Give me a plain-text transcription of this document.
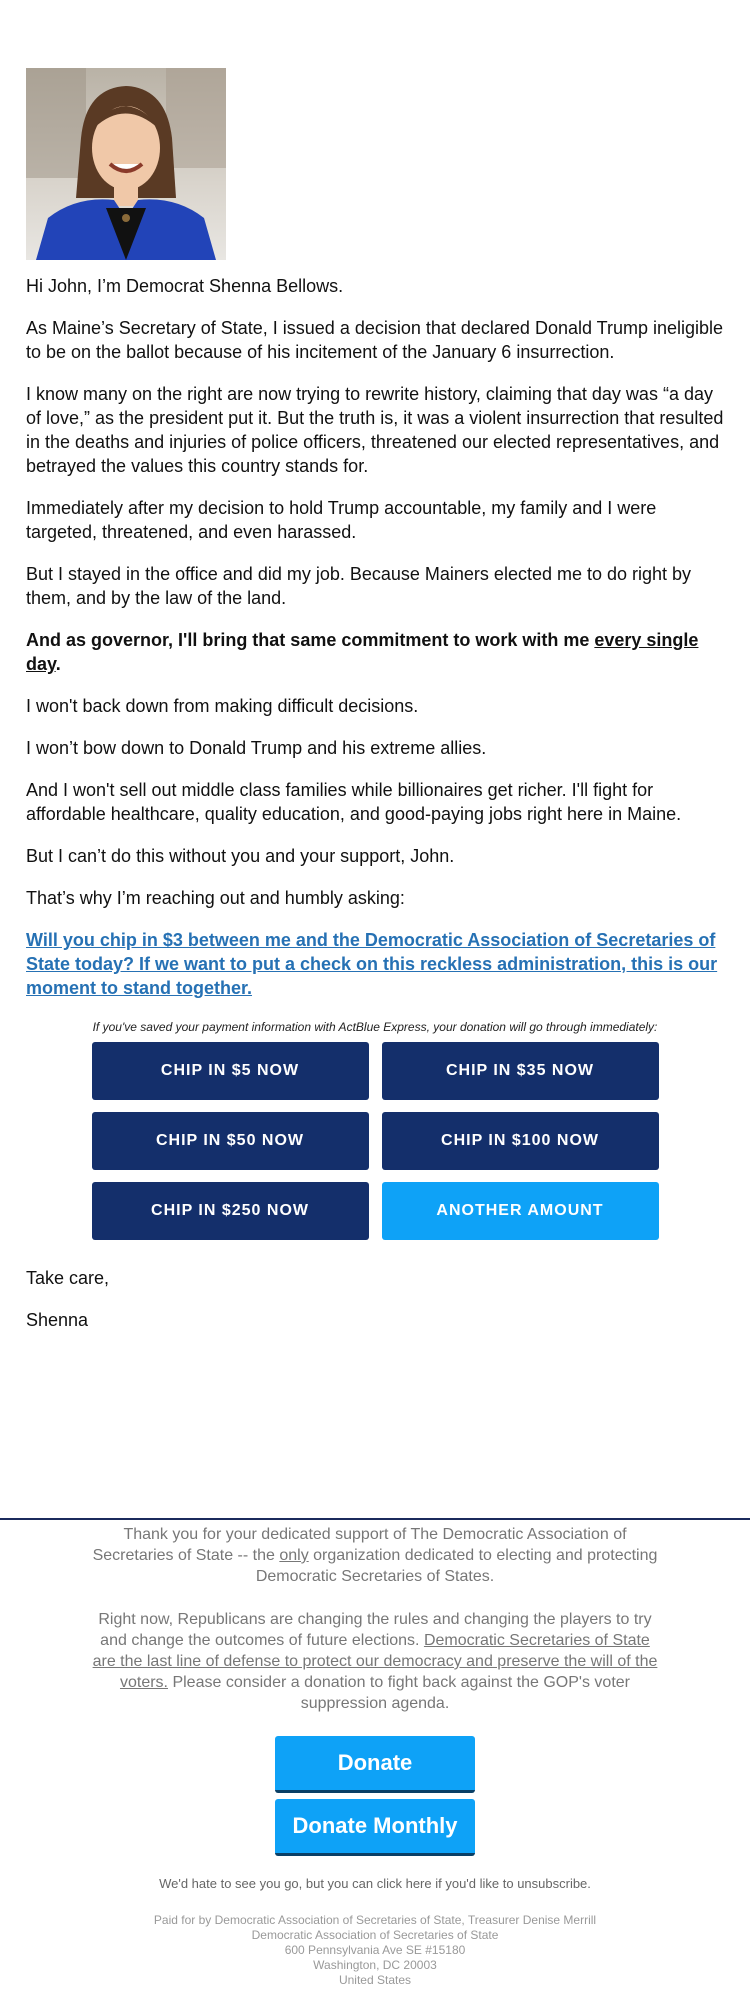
Hi John, I’m Democrat Shenna Bellows.

As Maine’s Secretary of State, I issued a decision that declared Donald Trump ineligible to be on the ballot because of his incitement of the January 6 insurrection.

I know many on the right are now trying to rewrite history, claiming that day was “a day of love,” as the president put it. But the truth is, it was a violent insurrection that resulted in the deaths and injuries of police officers, threatened our elected representatives, and betrayed the values this country stands for.

Immediately after my decision to hold Trump accountable, my family and I were targeted, threatened, and even harassed.

But I stayed in the office and did my job. Because Mainers elected me to do right by them, and by the law of the land.

And as governor, I'll bring that same commitment to work with me every single day.

I won't back down from making difficult decisions.

I won’t bow down to Donald Trump and his extreme allies.

And I won't sell out middle class families while billionaires get richer. I'll fight for affordable healthcare, quality education, and good-paying jobs right here in Maine.

But I can’t do this without you and your support, John.

That’s why I’m reaching out and humbly asking:

Will you chip in $3 between me and the Democratic Association of Secretaries of State today? If we want to put a check on this reckless administration, this is our moment to stand together.

If you've saved your payment information with ActBlue Express, your donation will go through immediately:

CHIP IN $5 NOW	CHIP IN $35 NOW
CHIP IN $50 NOW	CHIP IN $100 NOW
CHIP IN $250 NOW	ANOTHER AMOUNT

Take care,

Shenna

Thank you for your dedicated support of The Democratic Association of Secretaries of State -- the only organization dedicated to electing and protecting Democratic Secretaries of States.

Right now, Republicans are changing the rules and changing the players to try and change the outcomes of future elections. Democratic Secretaries of State are the last line of defense to protect our democracy and preserve the will of the voters. Please consider a donation to fight back against the GOP's voter suppression agenda.

Donate
Donate Monthly
We'd hate to see you go, but you can click here if you'd like to unsubscribe.
Paid for by Democratic Association of Secretaries of State, Treasurer Denise Merrill
Democratic Association of Secretaries of State
600 Pennsylvania Ave SE #15180
Washington, DC 20003
United States
